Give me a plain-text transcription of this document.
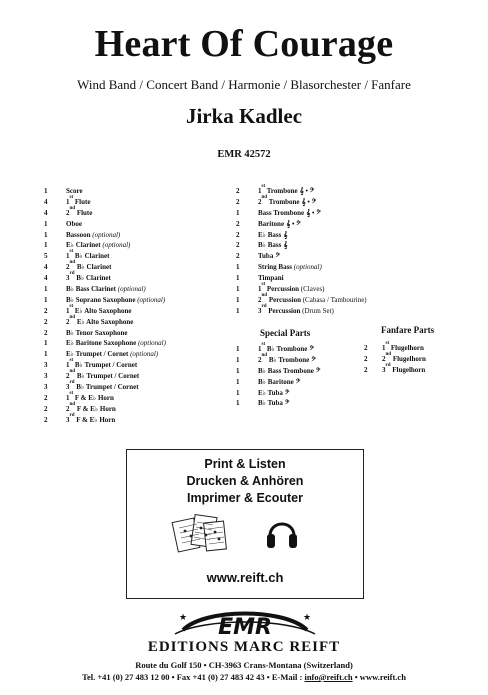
Heart Of Courage
Wind Band / Concert Band / Harmonie / Blasorchester / Fanfare
Jirka Kadlec
EMR 42572
1	Score
4	1st Flute
4	2nd Flute
1	Oboe
1	Bassoon (optional)
1	E♭ Clarinet (optional)
5	1st B♭ Clarinet
4	2nd B♭ Clarinet
4	3rd B♭ Clarinet
1	B♭ Bass Clarinet (optional)
1	B♭ Soprano Saxophone (optional)
2	1st E♭ Alto Saxophone
2	2nd E♭ Alto Saxophone
2	B♭ Tenor Saxophone
1	E♭ Baritone Saxophone (optional)
1	E♭ Trumpet / Cornet (optional)
3	1st B♭ Trumpet / Cornet
3	2nd B♭ Trumpet / Cornet
3	3rd B♭ Trumpet / Cornet
2	1st F & E♭ Horn
2	2nd F & E♭ Horn
2	3rd F & E♭ Horn
2	1st Trombone 𝄞 • 𝄢
2	2nd Trombone 𝄞 • 𝄢
1	Bass Trombone 𝄞 • 𝄢
2	Baritone 𝄞 • 𝄢
2	E♭ Bass 𝄞
2	B♭ Bass 𝄞
2	Tuba 𝄢
1	String Bass (optional)
1	Timpani
1	1st Percussion (Claves)
1	2nd Percussion (Cabasa / Tambourine)
1	3rd Percussion (Drum Set)
Special Parts
1	1st B♭ Trombone 𝄢
1	2nd B♭ Trombone 𝄢
1	B♭ Bass Trombone 𝄢
1	B♭ Baritone 𝄢
1	E♭ Tuba 𝄢
1	B♭ Tuba 𝄢
Fanfare Parts
2	1st Flugelhorn
2	2nd Flugelhorn
2	3rd Flugelhorn
Print & Listen
Drucken & Anhören
Imprimer & Ecouter
www.reift.ch
EMR
★	★
EDITIONS MARC REIFT
Route du Golf 150 • CH-3963 Crans-Montana (Switzerland)
Tel. +41 (0) 27 483 12 00 • Fax +41 (0) 27 483 42 43 • E-Mail : info@reift.ch • www.reift.ch
